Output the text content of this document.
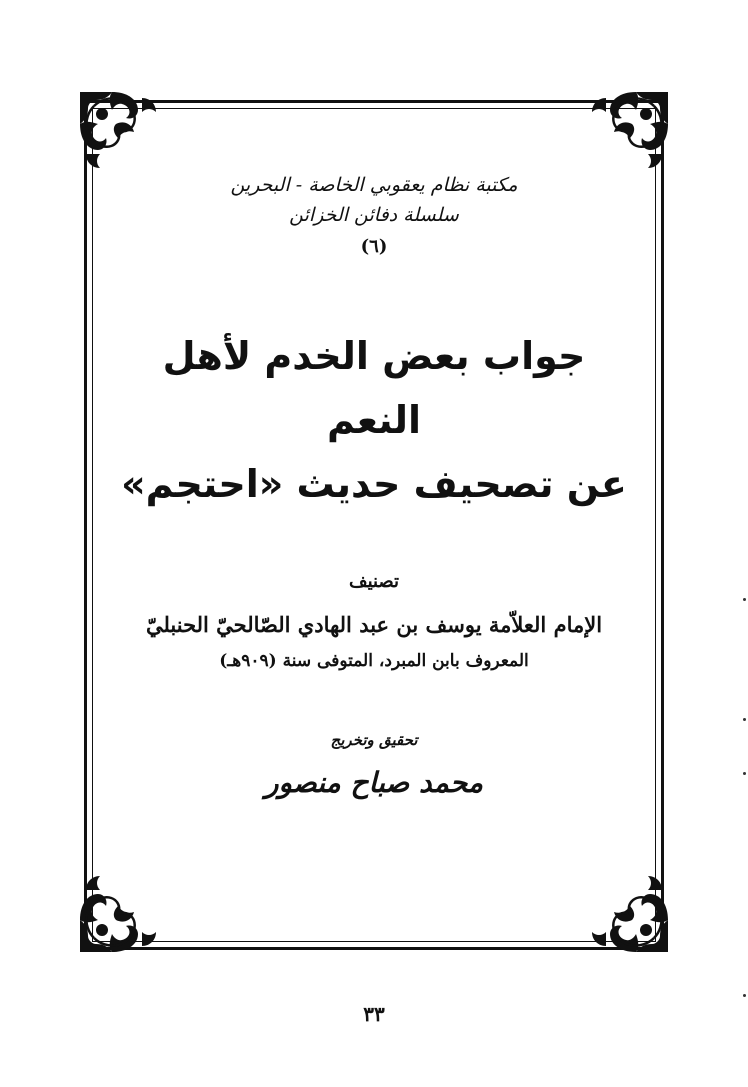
مكتبة نظام يعقوبي الخاصة - البحرين

سلسلة دفائن الخزائن

(٦)

جواب بعض الخدم لأهل النعم
عن تصحيف حديث «احتجم»

تصنيف

الإمام العلاّمة يوسف بن عبد الهادي الصّالحيّ الحنبليّ

المعروف بابن المبرد، المتوفى سنة (٩٠٩هـ)

تحقيق وتخريج

محمد صباح منصور

٣٣
